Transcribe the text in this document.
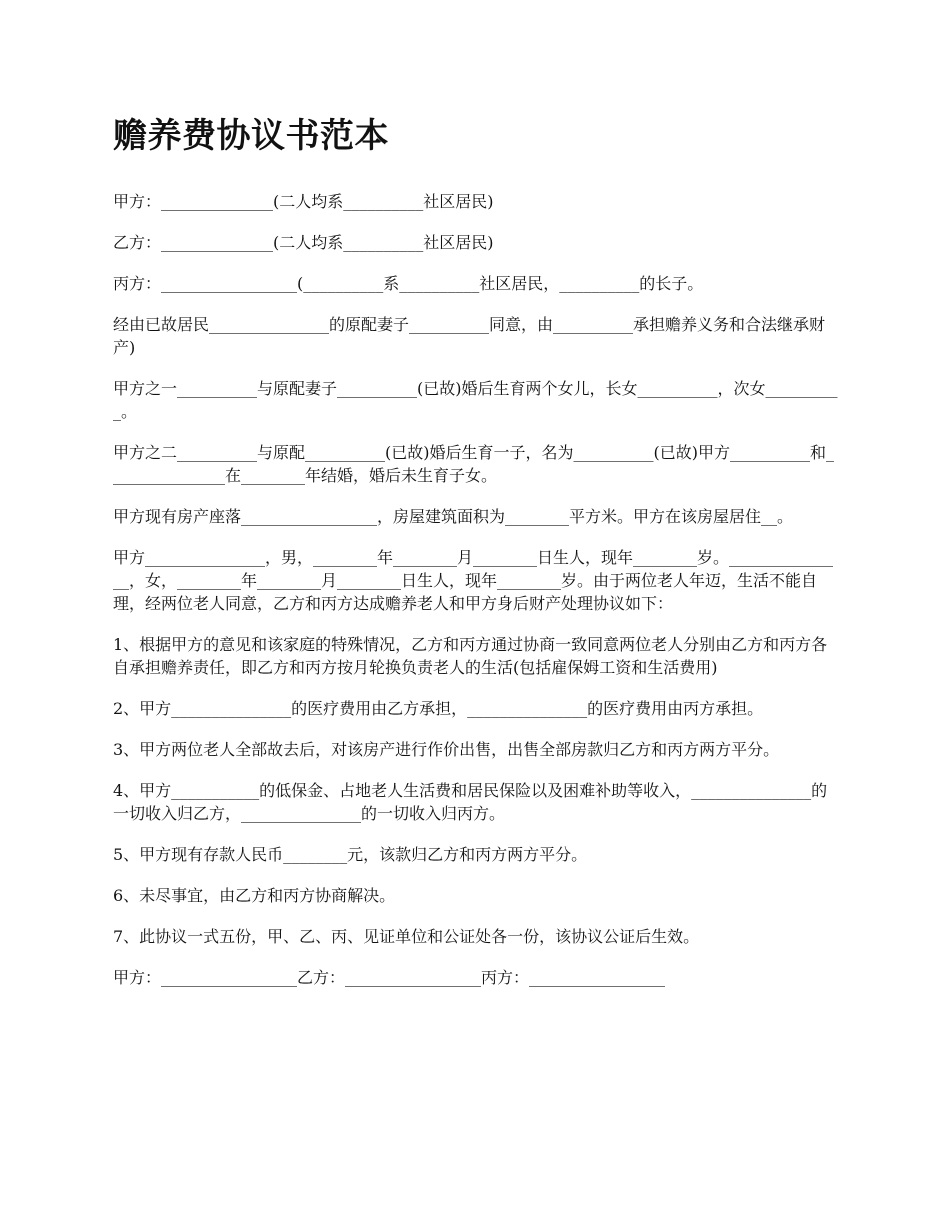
赡养费协议书范本

甲方：______________(二人均系__________社区居民)

乙方：______________(二人均系__________社区居民)

丙方：_________________(__________系__________社区居民，__________的长子。

经由已故居民_______________的原配妻子__________同意，由__________承担赡养义务和合法继承财产)

甲方之一__________与原配妻子__________(已故)婚后生育两个女儿，长女__________，次女__________。

甲方之二__________与原配__________(已故)婚后生育一子，名为__________(已故)甲方__________和_______________在________年结婚，婚后未生育子女。

甲方现有房产座落_________________，房屋建筑面积为________平方米。甲方在该房屋居住__。

甲方_______________，男，________年________月________日生人，现年________岁。_______________，女，________年________月________日生人，现年________岁。由于两位老人年迈，生活不能自理，经两位老人同意，乙方和丙方达成赡养老人和甲方身后财产处理协议如下：

1、根据甲方的意见和该家庭的特殊情况，乙方和丙方通过协商一致同意两位老人分别由乙方和丙方各自承担赡养责任，即乙方和丙方按月轮换负责老人的生活(包括雇保姆工资和生活费用)

2、甲方_______________的医疗费用由乙方承担，_______________的医疗费用由丙方承担。

3、甲方两位老人全部故去后，对该房产进行作价出售，出售全部房款归乙方和丙方两方平分。

4、甲方___________的低保金、占地老人生活费和居民保险以及困难补助等收入，_______________的一切收入归乙方，_______________的一切收入归丙方。

5、甲方现有存款人民币________元，该款归乙方和丙方两方平分。

6、未尽事宜，由乙方和丙方协商解决。

7、此协议一式五份，甲、乙、丙、见证单位和公证处各一份，该协议公证后生效。

甲方：_________________乙方：_________________丙方：_________________
